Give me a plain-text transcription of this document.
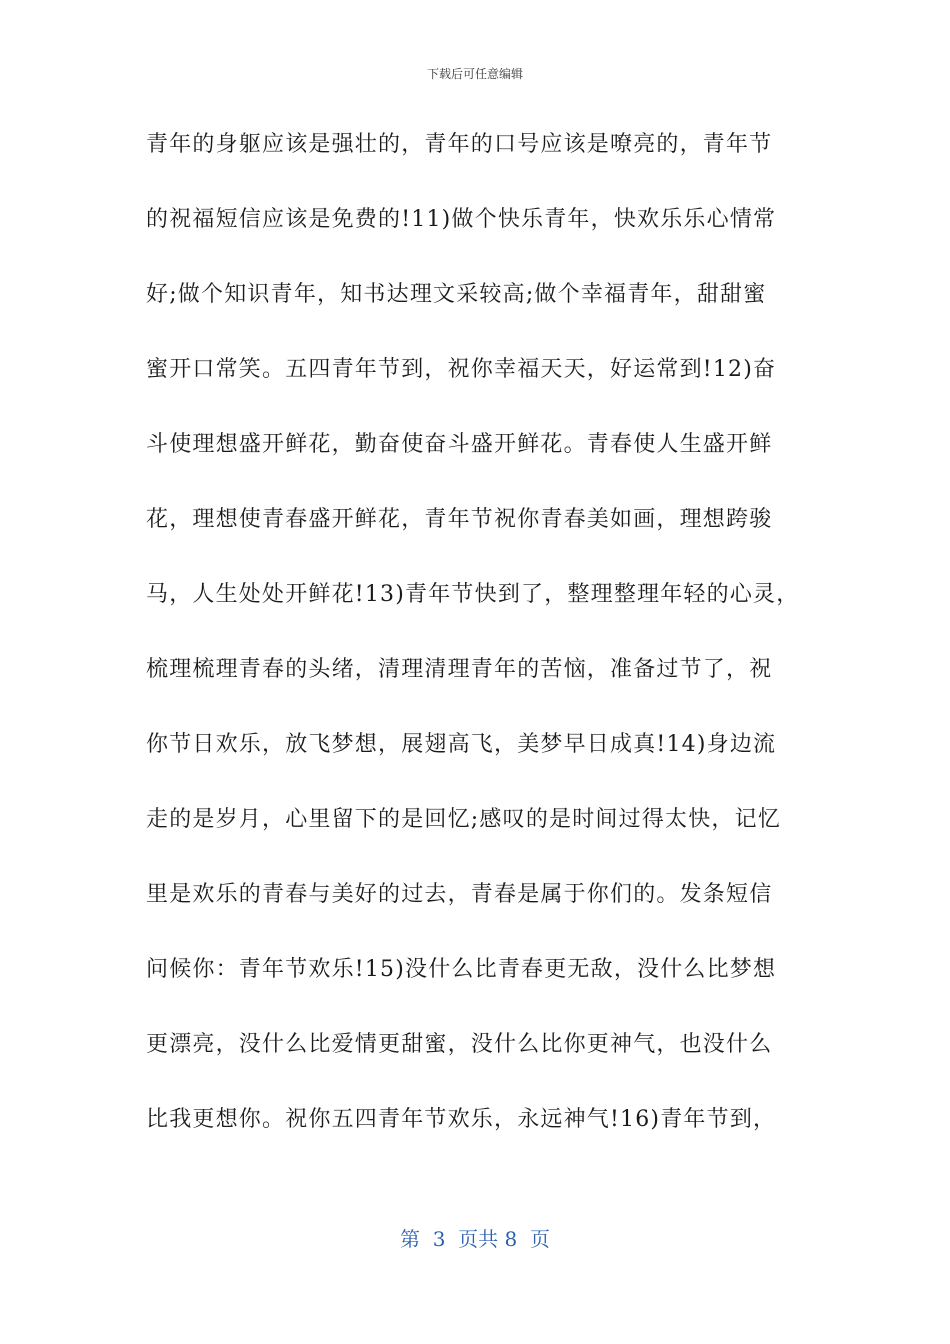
下载后可任意编辑
青年的身躯应该是强壮的，青年的口号应该是嘹亮的，青年节
的祝福短信应该是免费的!11)做个快乐青年，快欢乐乐心情常
好;做个知识青年，知书达理文采较高;做个幸福青年，甜甜蜜
蜜开口常笑。五四青年节到，祝你幸福天天，好运常到!12)奋
斗使理想盛开鲜花，勤奋使奋斗盛开鲜花。青春使人生盛开鲜
花，理想使青春盛开鲜花，青年节祝你青春美如画，理想跨骏
马，人生处处开鲜花!13)青年节快到了，整理整理年轻的心灵，
梳理梳理青春的头绪，清理清理青年的苦恼，准备过节了，祝
你节日欢乐，放飞梦想，展翅高飞，美梦早日成真!14)身边流
走的是岁月，心里留下的是回忆;感叹的是时间过得太快，记忆
里是欢乐的青春与美好的过去，青春是属于你们的。发条短信
问候你：青年节欢乐!15)没什么比青春更无敌，没什么比梦想
更漂亮，没什么比爱情更甜蜜，没什么比你更神气，也没什么
比我更想你。祝你五四青年节欢乐，永远神气!16)青年节到，
第  3  页共 8  页
